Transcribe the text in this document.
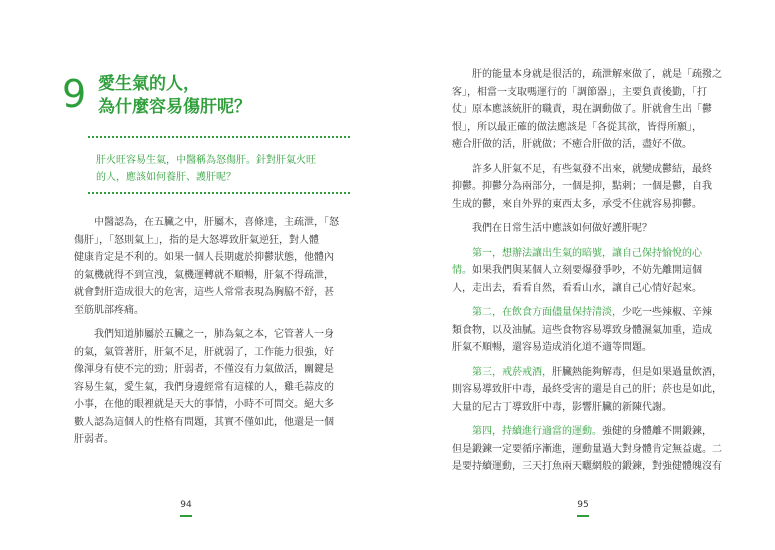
9 愛生氣的人，
為什麼容易傷肝呢？
肝火旺容易生氣，中醫稱為怒傷肝。針對肝氣火旺
的人，應該如何養肝、護肝呢？
中醫認為，在五臟之中，肝屬木，喜條達，主疏泄，「怒
傷肝」，「怒則氣上」，指的是大怒導致肝氣逆狂，對人體
健康肯定是不利的。如果一個人長期處於抑鬱狀態，他體內
的氣機就得不到宣洩，氣機運轉就不順暢，肝氣不得疏泄，
就會對肝造成很大的危害，這些人常常表現為胸脇不舒，甚
至筋肌部疼痛。
我們知道肺屬於五臟之一，肺為氣之本，它管著人一身
的氣，氣管著肝，肝氣不足，肝就弱了，工作能力很強，好
像渾身有使不完的勁；肝弱者，不僅沒有力氣做活，關鍵是
容易生氣，愛生氣，我們身邊經常有這樣的人，雞毛蒜皮的
小事，在他的眼裡就是天大的事情，小時不可問交。絕大多
數人認為這個人的性格有問題，其實不僅如此，他還是一個
肝弱者。
94
肝的能量本身就是很活的，疏泄解來做了，就是「疏撥之
客」，相當一支取嗎運行的「調節器」，主要負責後勤，「打
仗」原本應該統肝的職責，現在調動做了。肝就會生出「鬱
恨」，所以最正確的做法應該是「各從其欲，皆得所願」，
癒合肝做的活，肝就做；不癒合肝做的活，盡好不做。
許多人肝氣不足，有些氣發不出來，就變成鬱結，最終
抑鬱。抑鬱分為兩部分，一個是抑，點刺；一個是鬱，自我
生成的鬱，來自外界的東西太多，承受不住就容易抑鬱。
我們在日常生活中應該如何做好護肝呢？
第一，想辦法讓出生氣的暗號，讓自己保持愉悅的心
情。如果我們與某個人立刻要爆發爭吵，不妨先離開這個
人，走出去，看看自然，看看山水，讓自己心情好起來。
第二，在飲食方面儘量保持清淡，少吃一些辣椒、辛辣
類食物，以及油膩。這些食物容易導致身體濕氣加重，造成
肝氣不順暢，還容易造成消化道不適等問題。
第三，戒菸戒酒，肝臟熱能夠解毒，但是如果過量飲酒，
則容易導致肝中毒，最終受害的還是自己的肝；菸也是如此，
大量的尼古丁導致肝中毒，影響肝臟的新陳代謝。
第四，持續進行適當的運動。強健的身體離不開鍛鍊，
但是鍛鍊一定要循序漸進，運動量過大對身體肯定無益處。二
是要持續運動，三天打魚兩天曬網般的鍛鍊，對強健體魄沒有
95
